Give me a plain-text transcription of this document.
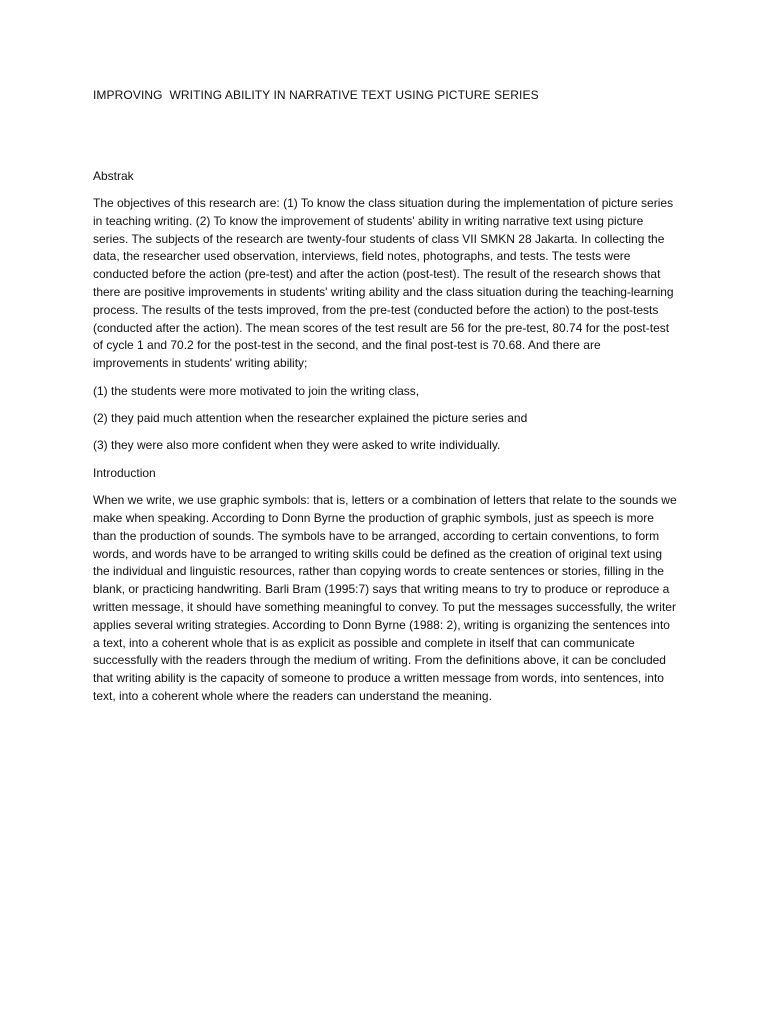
IMPROVING  WRITING ABILITY IN NARRATIVE TEXT USING PICTURE SERIES
Abstrak

The objectives of this research are: (1) To know the class situation during the implementation of picture series in teaching writing. (2) To know the improvement of students' ability in writing narrative text using picture series. The subjects of the research are twenty-four students of class VII SMKN 28 Jakarta. In collecting the data, the researcher used observation, interviews, field notes, photographs, and tests. The tests were conducted before the action (pre-test) and after the action (post-test). The result of the research shows that there are positive improvements in students' writing ability and the class situation during the teaching-learning process. The results of the tests improved, from the pre-test (conducted before the action) to the post-tests (conducted after the action). The mean scores of the test result are 56 for the pre-test, 80.74 for the post-test of cycle 1 and 70.2 for the post-test in the second, and the final post-test is 70.68. And there are improvements in students' writing ability;

(1) the students were more motivated to join the writing class,

(2) they paid much attention when the researcher explained the picture series and

(3) they were also more confident when they were asked to write individually.

Introduction

When we write, we use graphic symbols: that is, letters or a combination of letters that relate to the sounds we make when speaking. According to Donn Byrne the production of graphic symbols, just as speech is more than the production of sounds. The symbols have to be arranged, according to certain conventions, to form words, and words have to be arranged to writing skills could be defined as the creation of original text using the individual and linguistic resources, rather than copying words to create sentences or stories, filling in the blank, or practicing handwriting. Barli Bram (1995:7) says that writing means to try to produce or reproduce a written message, it should have something meaningful to convey. To put the messages successfully, the writer applies several writing strategies. According to Donn Byrne (1988: 2), writing is organizing the sentences into a text, into a coherent whole that is as explicit as possible and complete in itself that can communicate successfully with the readers through the medium of writing. From the definitions above, it can be concluded that writing ability is the capacity of someone to produce a written message from words, into sentences, into text, into a coherent whole where the readers can understand the meaning.
